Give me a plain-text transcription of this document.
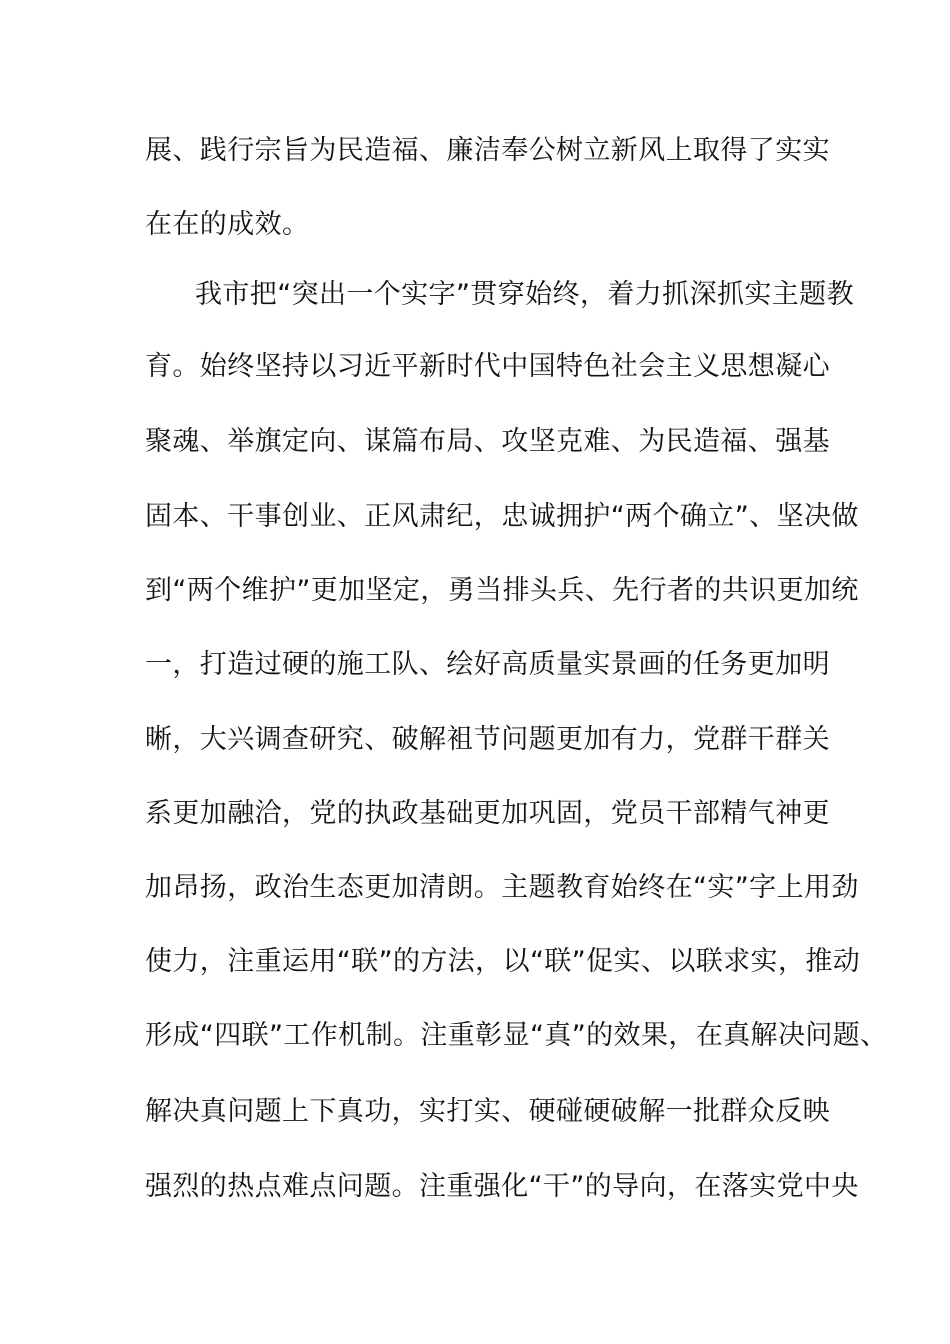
展、践行宗旨为民造福、廉洁奉公树立新风上取得了实实
在在的成效。
我市把“突出一个实字”贯穿始终，着力抓深抓实主题教
育。始终坚持以习近平新时代中国特色社会主义思想凝心
聚魂、举旗定向、谋篇布局、攻坚克难、为民造福、强基
固本、干事创业、正风肃纪，忠诚拥护“两个确立”、坚决做
到“两个维护”更加坚定，勇当排头兵、先行者的共识更加统
一，打造过硬的施工队、绘好高质量实景画的任务更加明
晰，大兴调查研究、破解袓节问题更加有力，党群干群关
系更加融洽，党的执政基础更加巩固，党员干部精气神更
加昂扬，政治生态更加清朗。主题教育始终在“实”字上用劲
使力，注重运用“联”的方法，以“联”促实、以联求实，推动
形成“四联”工作机制。注重彰显“真”的效果，在真解决问题、
解决真问题上下真功，实打实、硬碰硬破解一批群众反映
强烈的热点难点问题。注重强化“干”的导向，在落实党中央
